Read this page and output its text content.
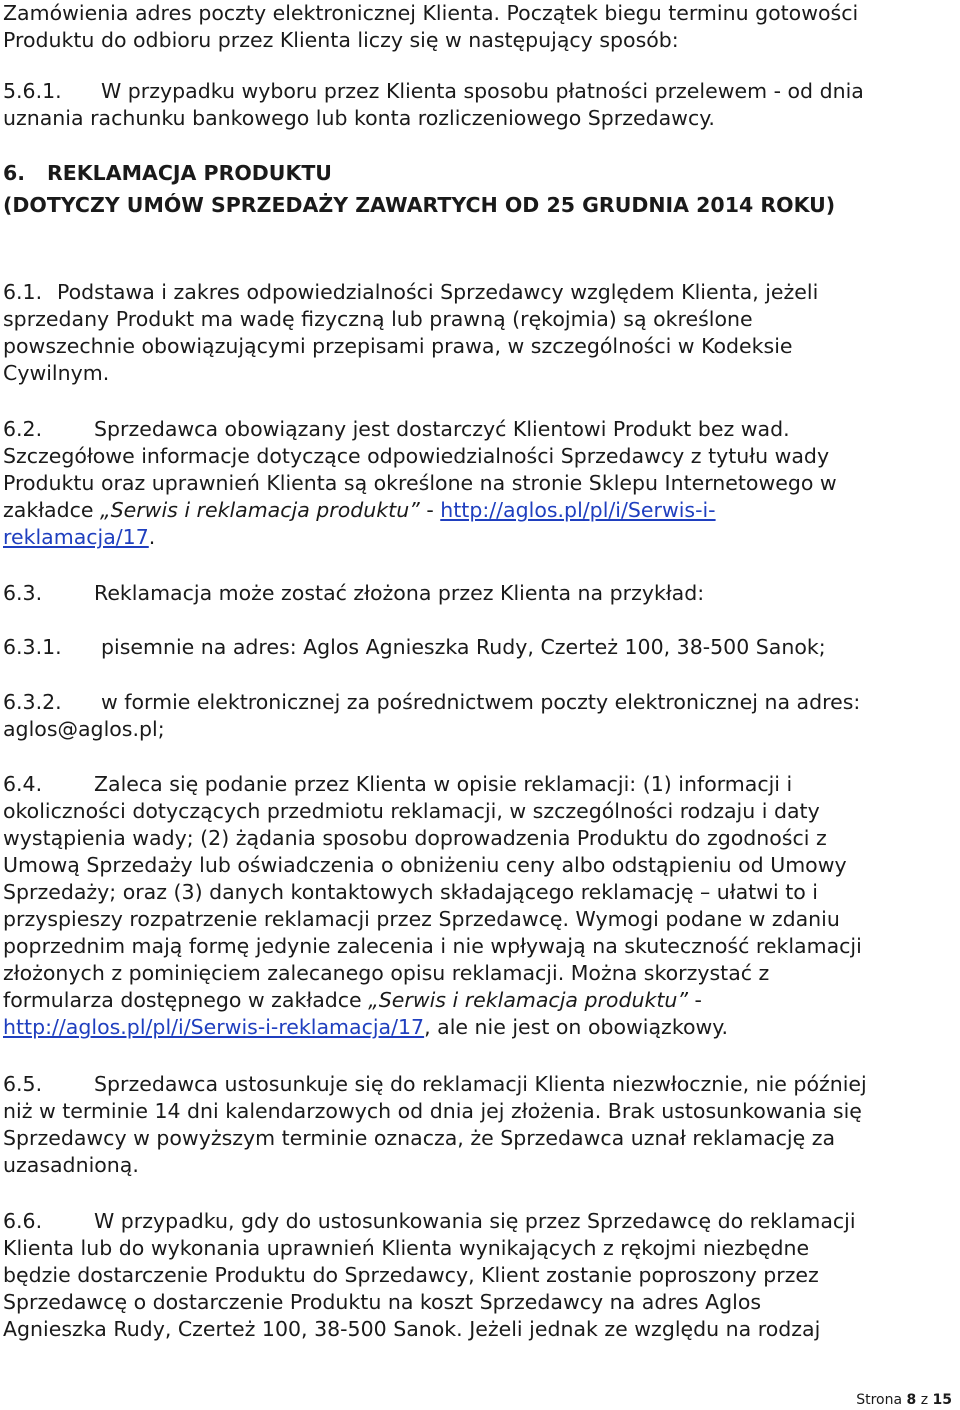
Zamówienia adres poczty elektronicznej Klienta. Początek biegu terminu gotowości
Produktu do odbioru przez Klienta liczy się w następujący sposób:
5.6.1.	W przypadku wyboru przez Klienta sposobu płatności przelewem - od dnia
uznania rachunku bankowego lub konta rozliczeniowego Sprzedawcy.
6.	REKLAMACJA PRODUKTU
(DOTYCZY UMÓW SPRZEDAŻY ZAWARTYCH OD 25 GRUDNIA 2014 ROKU)
6.1. Podstawa i zakres odpowiedzialności Sprzedawcy względem Klienta, jeżeli
sprzedany Produkt ma wadę fizyczną lub prawną (rękojmia) są określone
powszechnie obowiązującymi przepisami prawa, w szczególności w Kodeksie
Cywilnym.
6.2.	Sprzedawca obowiązany jest dostarczyć Klientowi Produkt bez wad.
Szczegółowe informacje dotyczące odpowiedzialności Sprzedawcy z tytułu wady
Produktu oraz uprawnień Klienta są określone na stronie Sklepu Internetowego w
zakładce „Serwis i reklamacja produktu” - http://aglos.pl/pl/i/Serwis-i-
reklamacja/17.
6.3.	Reklamacja może zostać złożona przez Klienta na przykład:
6.3.1.	pisemnie na adres: Aglos Agnieszka Rudy, Czerteż 100, 38-500 Sanok;
6.3.2.	w formie elektronicznej za pośrednictwem poczty elektronicznej na adres:
aglos@aglos.pl;
6.4.	Zaleca się podanie przez Klienta w opisie reklamacji: (1) informacji i
okoliczności dotyczących przedmiotu reklamacji, w szczególności rodzaju i daty
wystąpienia wady; (2) żądania sposobu doprowadzenia Produktu do zgodności z
Umową Sprzedaży lub oświadczenia o obniżeniu ceny albo odstąpieniu od Umowy
Sprzedaży; oraz (3) danych kontaktowych składającego reklamację – ułatwi to i
przyspieszy rozpatrzenie reklamacji przez Sprzedawcę. Wymogi podane w zdaniu
poprzednim mają formę jedynie zalecenia i nie wpływają na skuteczność reklamacji
złożonych z pominięciem zalecanego opisu reklamacji. Można skorzystać z
formularza dostępnego w zakładce „Serwis i reklamacja produktu” -
http://aglos.pl/pl/i/Serwis-i-reklamacja/17, ale nie jest on obowiązkowy.
6.5.	Sprzedawca ustosunkuje się do reklamacji Klienta niezwłocznie, nie później
niż w terminie 14 dni kalendarzowych od dnia jej złożenia. Brak ustosunkowania się
Sprzedawcy w powyższym terminie oznacza, że Sprzedawca uznał reklamację za
uzasadnioną.
6.6.	W przypadku, gdy do ustosunkowania się przez Sprzedawcę do reklamacji
Klienta lub do wykonania uprawnień Klienta wynikających z rękojmi niezbędne
będzie dostarczenie Produktu do Sprzedawcy, Klient zostanie poproszony przez
Sprzedawcę o dostarczenie Produktu na koszt Sprzedawcy na adres Aglos
Agnieszka Rudy, Czerteż 100, 38-500 Sanok. Jeżeli jednak ze względu na rodzaj
Strona 8 z 15
